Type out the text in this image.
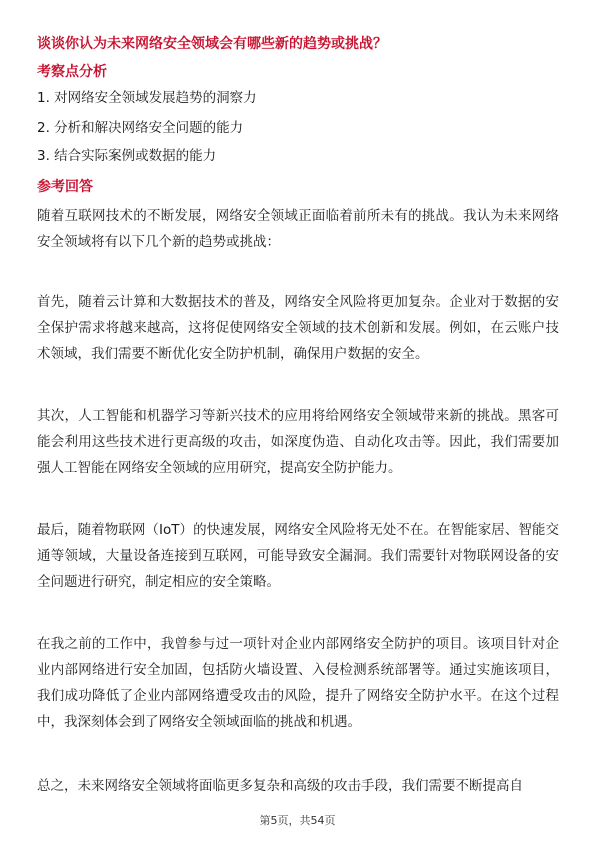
谈谈你认为未来网络安全领域会有哪些新的趋势或挑战？
考察点分析
1. 对网络安全领域发展趋势的洞察力
2. 分析和解决网络安全问题的能力
3. 结合实际案例或数据的能力
参考回答
随着互联网技术的不断发展，网络安全领域正面临着前所未有的挑战。我认为未来网络安全领域将有以下几个新的趋势或挑战：
首先，随着云计算和大数据技术的普及，网络安全风险将更加复杂。企业对于数据的安全保护需求将越来越高，这将促使网络安全领域的技术创新和发展。例如，在云账户技术领域，我们需要不断优化安全防护机制，确保用户数据的安全。
其次，人工智能和机器学习等新兴技术的应用将给网络安全领域带来新的挑战。黑客可能会利用这些技术进行更高级的攻击，如深度伪造、自动化攻击等。因此，我们需要加强人工智能在网络安全领域的应用研究，提高安全防护能力。
最后，随着物联网（IoT）的快速发展，网络安全风险将无处不在。在智能家居、智能交通等领域，大量设备连接到互联网，可能导致安全漏洞。我们需要针对物联网设备的安全问题进行研究，制定相应的安全策略。
在我之前的工作中，我曾参与过一项针对企业内部网络安全防护的项目。该项目针对企业内部网络进行安全加固，包括防火墙设置、入侵检测系统部署等。通过实施该项目，我们成功降低了企业内部网络遭受攻击的风险，提升了网络安全防护水平。在这个过程中，我深刻体会到了网络安全领域面临的挑战和机遇。
总之，未来网络安全领域将面临更多复杂和高级的攻击手段，我们需要不断提高自
第5页，共54页
